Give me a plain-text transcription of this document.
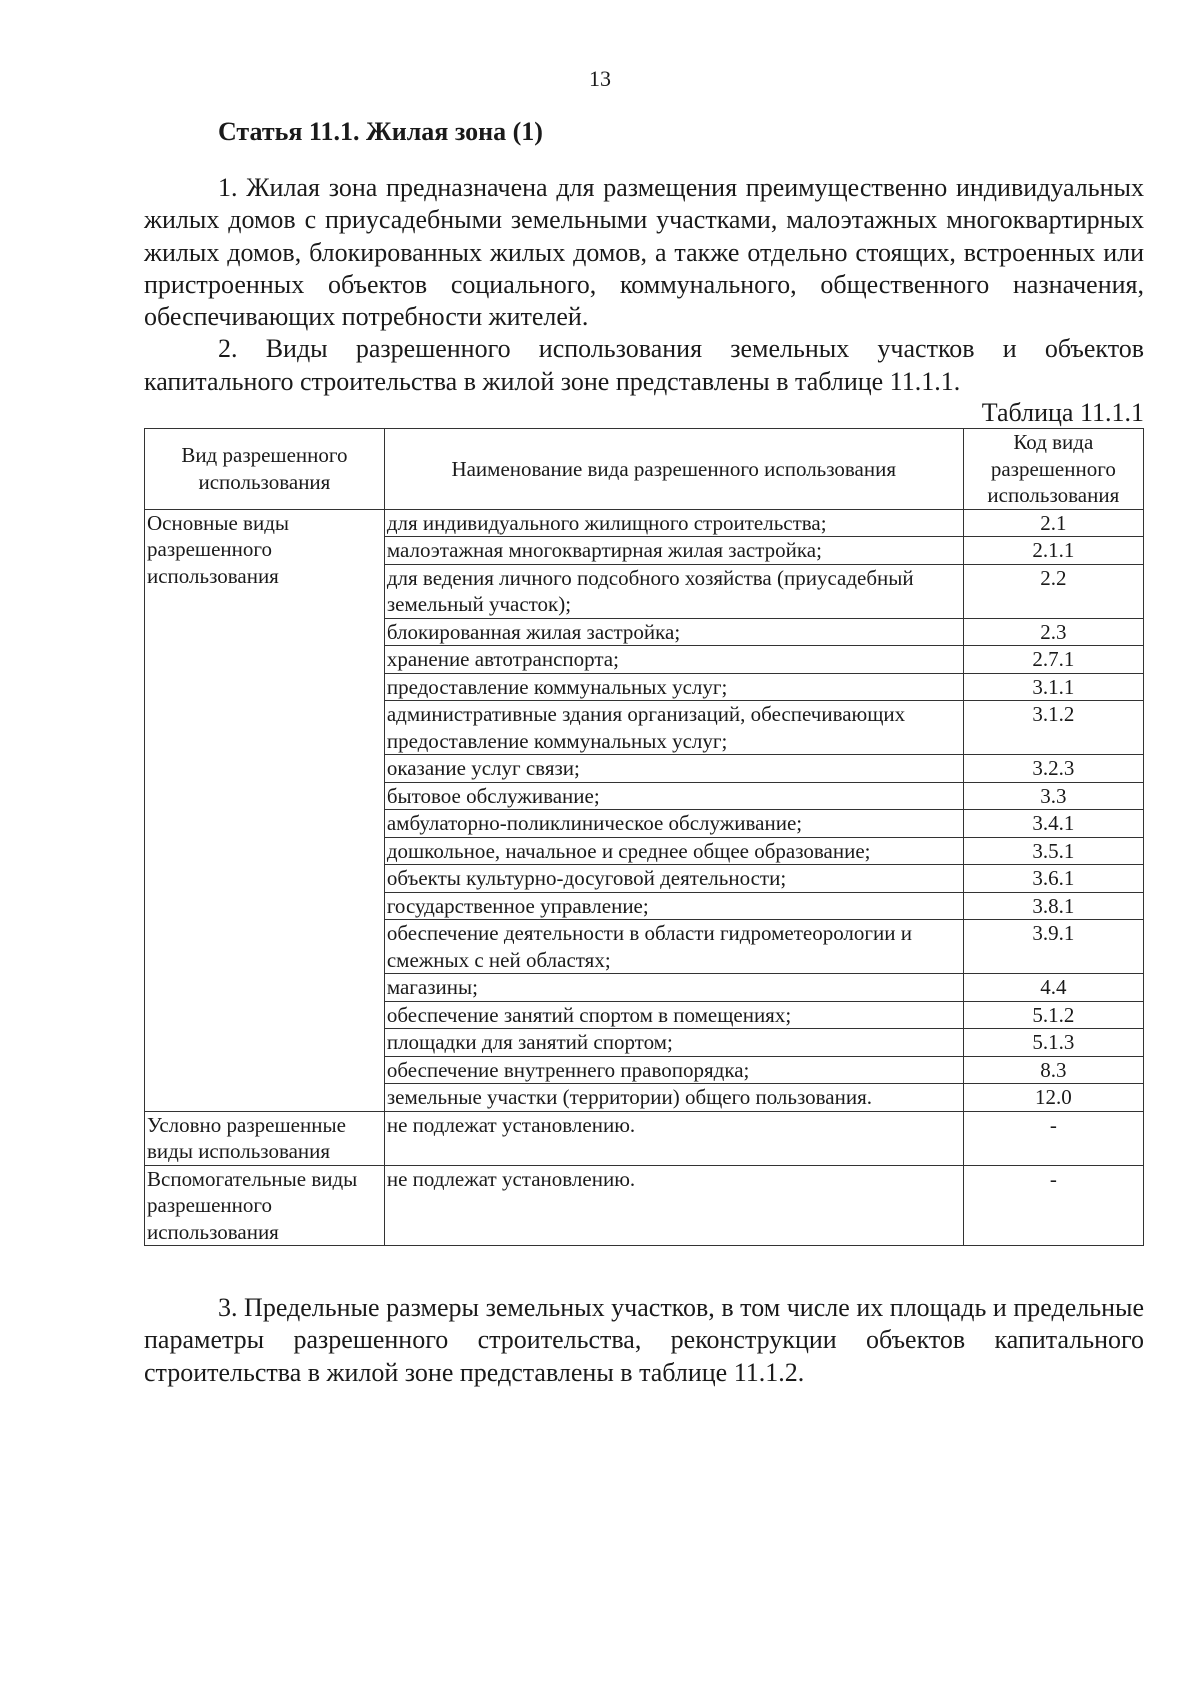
13

Статья 11.1. Жилая зона (1)

1. Жилая зона предназначена для размещения преимущественно индивидуальных жилых домов с приусадебными земельными участками, малоэтажных многоквартирных жилых домов, блокированных жилых домов, а также отдельно стоящих, встроенных или пристроенных объектов социального, коммунального, общественного назначения, обеспечивающих потребности жителей.

2. Виды разрешенного использования земельных участков и объектов капитального строительства в жилой зоне представлены в таблице 11.1.1.

Таблица 11.1.1

Вид разрешенного использования	Наименование вида разрешенного использования	Код вида разрешенного использования
Основные виды разрешенного использования	для индивидуального жилищного строительства;	2.1
	малоэтажная многоквартирная жилая застройка;	2.1.1
	для ведения личного подсобного хозяйства (приусадебный земельный участок);	2.2
	блокированная жилая застройка;	2.3
	хранение автотранспорта;	2.7.1
	предоставление коммунальных услуг;	3.1.1
	административные здания организаций, обеспечивающих предоставление коммунальных услуг;	3.1.2
	оказание услуг связи;	3.2.3
	бытовое обслуживание;	3.3
	амбулаторно-поликлиническое обслуживание;	3.4.1
	дошкольное, начальное и среднее общее образование;	3.5.1
	объекты культурно-досуговой деятельности;	3.6.1
	государственное управление;	3.8.1
	обеспечение деятельности в области гидрометеорологии и смежных с ней областях;	3.9.1
	магазины;	4.4
	обеспечение занятий спортом в помещениях;	5.1.2
	площадки для занятий спортом;	5.1.3
	обеспечение внутреннего правопорядка;	8.3
	земельные участки (территории) общего пользования.	12.0
Условно разрешенные виды использования	не подлежат установлению.	-
Вспомогательные виды разрешенного использования	не подлежат установлению.	-

3. Предельные размеры земельных участков, в том числе их площадь и предельные параметры разрешенного строительства, реконструкции объектов капитального строительства в жилой зоне представлены в таблице 11.1.2.
